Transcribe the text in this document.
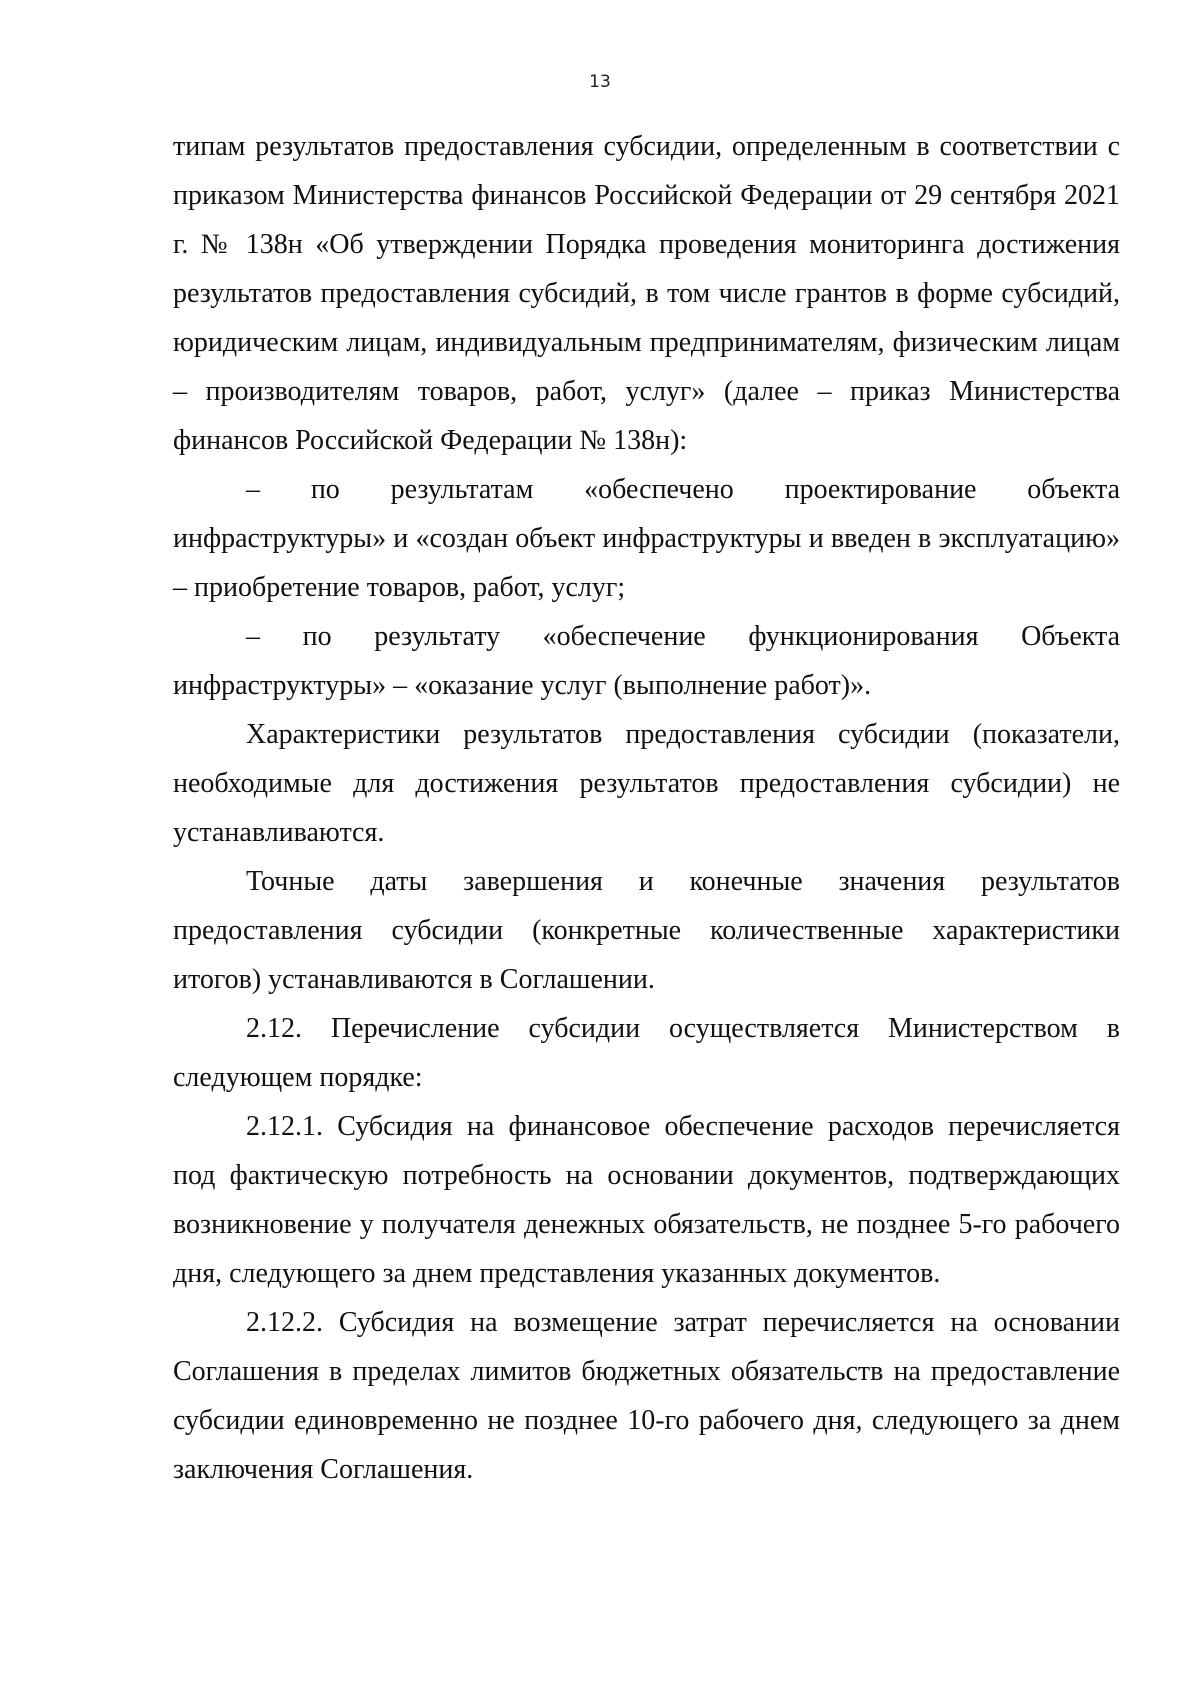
13

типам результатов предоставления субсидии, определенным в соответствии с приказом Министерства финансов Российской Федерации от 29 сентября 2021 г. № 138н «Об утверждении Порядка проведения мониторинга достижения результатов предоставления субсидий, в том числе грантов в форме субсидий, юридическим лицам, индивидуальным предпринимателям, физическим лицам – производителям товаров, работ, услуг» (далее – приказ Министерства финансов Российской Федерации № 138н):

– по результатам «обеспечено проектирование объекта инфраструктуры» и «создан объект инфраструктуры и введен в эксплуатацию» – приобретение товаров, работ, услуг;

– по результату «обеспечение функционирования Объекта инфраструктуры» – «оказание услуг (выполнение работ)».

Характеристики результатов предоставления субсидии (показатели, необходимые для достижения результатов предоставления субсидии) не устанавливаются.

Точные даты завершения и конечные значения результатов предоставления субсидии (конкретные количественные характеристики итогов) устанавливаются в Соглашении.

2.12. Перечисление субсидии осуществляется Министерством в следующем порядке:

2.12.1. Субсидия на финансовое обеспечение расходов перечисляется под фактическую потребность на основании документов, подтверждающих возникновение у получателя денежных обязательств, не позднее 5-го рабочего дня, следующего за днем представления указанных документов.

2.12.2. Субсидия на возмещение затрат перечисляется на основании Соглашения в пределах лимитов бюджетных обязательств на предоставление субсидии единовременно не позднее 10-го рабочего дня, следующего за днем заключения Соглашения.
